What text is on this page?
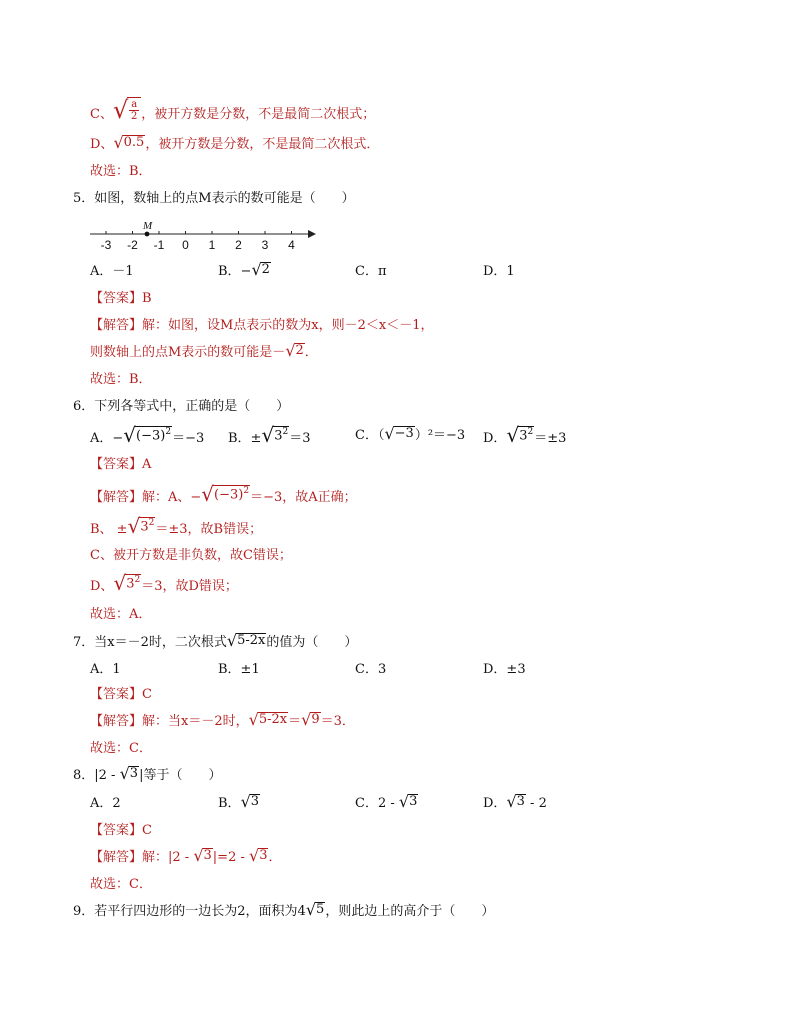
C、 √ $\frac{a}{2}$ ，被开方数是分数，不是最简二次根式；
D、 √ 0.5 ，被开方数是分数，不是最简二次根式．
故选：B．
5．如图，数轴上的点M表示的数可能是（　　）
-3 -2 -1 0 1 2 3 4
M
A．－1	B．− √ 2	C．π	D．1
【答案】B
【解答】解：如图，设M点表示的数为x，则－2＜x＜－1，
则数轴上的点M表示的数可能是－ √ 2 ．
故选：B．
6．下列各等式中，正确的是（　　）
A．− √ $(-3)^2 =-3$ B．± √ $3^2 =3$	C．（ √ −3 ）²＝−3 D． √ $3^2 =\pm 3$
【答案】A
【解答】解：A、− √ $(-3)^2 =-3$，故A正确；
B、 ± √ $3^2 =\pm 3$，故B错误；
C、被开方数是非负数，故C错误；
D、 √ $3^2 =3$，故D错误；
故选：A．
7．当x＝－2时，二次根式 √ 5-2x 的值为（　　）
A．1	B．±1	C．3	D．±3
【答案】C
【解答】解：当x＝－2时， √ 5-2x ＝ √ 9 ＝3．
故选：C．
8．|2 - √ 3 |等于（　　）
A．2	B． √ 3	C．2 - √ 3	D． √ 3 - 2
【答案】C
【解答】解：|2 - √ 3 |=2 - √ 3 ．
故选：C．
9．若平行四边形的一边长为2，面积为4 √ 5 ，则此边上的高介于（　　）
